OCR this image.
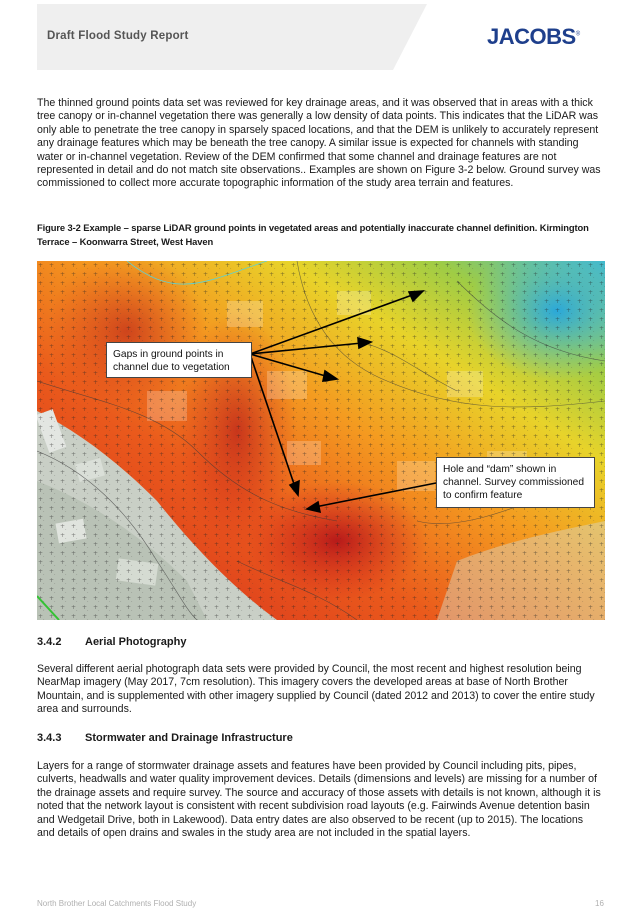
Draft Flood Study Report	JACOBS®

The thinned ground points data set was reviewed for key drainage areas, and it was observed that in areas with a thick tree canopy or in-channel vegetation there was generally a low density of data points. This indicates that the LiDAR was only able to penetrate the tree canopy in sparsely spaced locations, and that the DEM is unlikely to accurately represent any drainage features which may be beneath the tree canopy. A similar issue is expected for channels with standing water or in-channel vegetation. Review of the DEM confirmed that some channel and drainage features are not represented in detail and do not match site observations.. Examples are shown on Figure 3-2 below. Ground survey was commissioned to collect more accurate topographic information of the study area terrain and features.

Figure 3-2 Example – sparse LiDAR ground points in vegetated areas and potentially inaccurate channel definition. Kirmington Terrace – Koonwarra Street, West Haven

Gaps in ground points in channel due to vegetation
Hole and “dam” shown in channel. Survey commissioned to confirm feature
3.4.2 Aerial Photography

Several different aerial photograph data sets were provided by Council, the most recent and highest resolution being NearMap imagery (May 2017, 7cm resolution). This imagery covers the developed areas at base of North Brother Mountain, and is supplemented with other imagery supplied by Council (dated 2012 and 2013) to cover the entire study area and surrounds.

3.4.3 Stormwater and Drainage Infrastructure

Layers for a range of stormwater drainage assets and features have been provided by Council including pits, pipes, culverts, headwalls and water quality improvement devices. Details (dimensions and levels) are missing for a number of the drainage assets and require survey. The source and accuracy of those assets with details is not known, although it is noted that the network layout is consistent with recent subdivision road layouts (e.g. Fairwinds Avenue detention basin and Wedgetail Drive, both in Lakewood). Data entry dates are also observed to be recent (up to 2015). The locations and details of open drains and swales in the study area are not included in the spatial layers.

North Brother Local Catchments Flood Study	16
